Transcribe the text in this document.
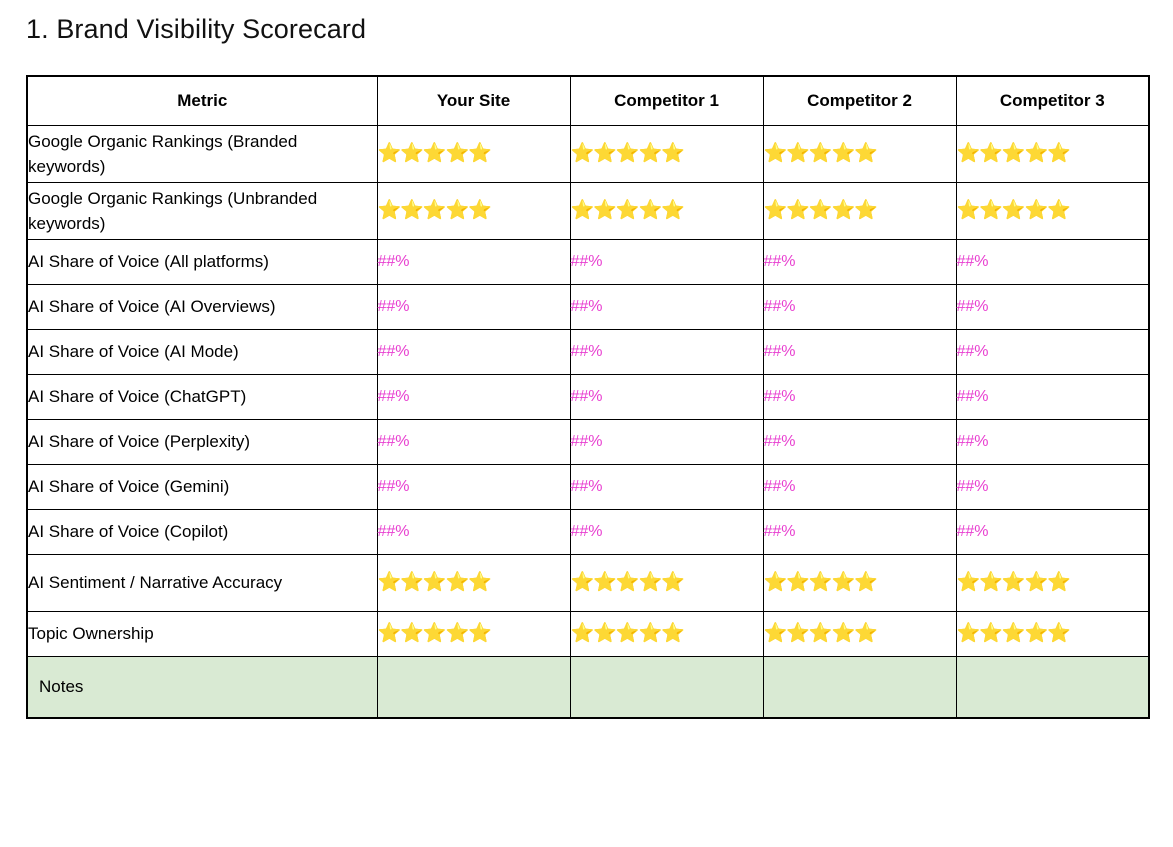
1. Brand Visibility Scorecard
Metric	Your Site	Competitor 1	Competitor 2	Competitor 3
Google Organic Rankings (Branded keywords)	⭐⭐⭐⭐⭐	⭐⭐⭐⭐⭐	⭐⭐⭐⭐⭐	⭐⭐⭐⭐⭐
Google Organic Rankings (Unbranded keywords)	⭐⭐⭐⭐⭐	⭐⭐⭐⭐⭐	⭐⭐⭐⭐⭐	⭐⭐⭐⭐⭐
AI Share of Voice (All platforms)	##%	##%	##%	##%
AI Share of Voice (AI Overviews)	##%	##%	##%	##%
AI Share of Voice (AI Mode)	##%	##%	##%	##%
AI Share of Voice (ChatGPT)	##%	##%	##%	##%
AI Share of Voice (Perplexity)	##%	##%	##%	##%
AI Share of Voice (Gemini)	##%	##%	##%	##%
AI Share of Voice (Copilot)	##%	##%	##%	##%
AI Sentiment / Narrative Accuracy	⭐⭐⭐⭐⭐	⭐⭐⭐⭐⭐	⭐⭐⭐⭐⭐	⭐⭐⭐⭐⭐
Topic Ownership	⭐⭐⭐⭐⭐	⭐⭐⭐⭐⭐	⭐⭐⭐⭐⭐	⭐⭐⭐⭐⭐
Notes				
